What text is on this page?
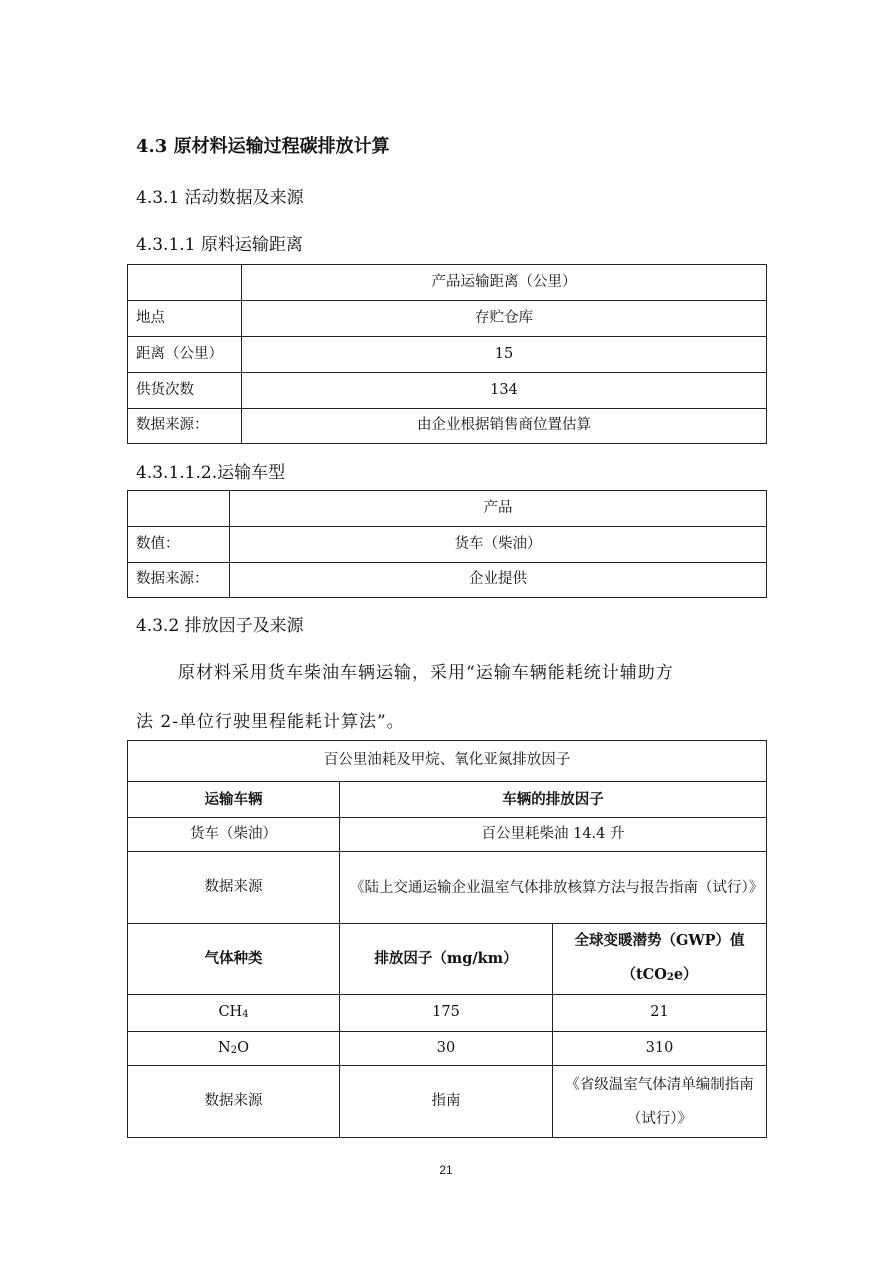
4.3 原材料运输过程碳排放计算
4.3.1 活动数据及来源
4.3.1.1 原料运输距离
	产品运输距离（公里）
地点	存贮仓库
距离（公里）	15
供货次数	134
数据来源：	由企业根据销售商位置估算
4.3.1.1.2.运输车型
	产品
数值：	货车（柴油）
数据来源：	企业提供
4.3.2 排放因子及来源

原材料采用货车柴油车辆运输，采用“运输车辆能耗统计辅助方

法 2-单位行驶里程能耗计算法”。

百公里油耗及甲烷、氧化亚氮排放因子		
运输车辆	车辆的排放因子	
货车（柴油）	百公里耗柴油 14.4 升	
数据来源	《陆上交通运输企业温室气体排放核算方法与报告指南（试行）》	
气体种类	排放因子（mg/km）	全球变暖潜势（GWP）值
（tCO$_2$e）
$CH_4$	175	21
$N_2O$	30	310
数据来源	指南	《省级温室气体清单编制指南（试行）》
21
